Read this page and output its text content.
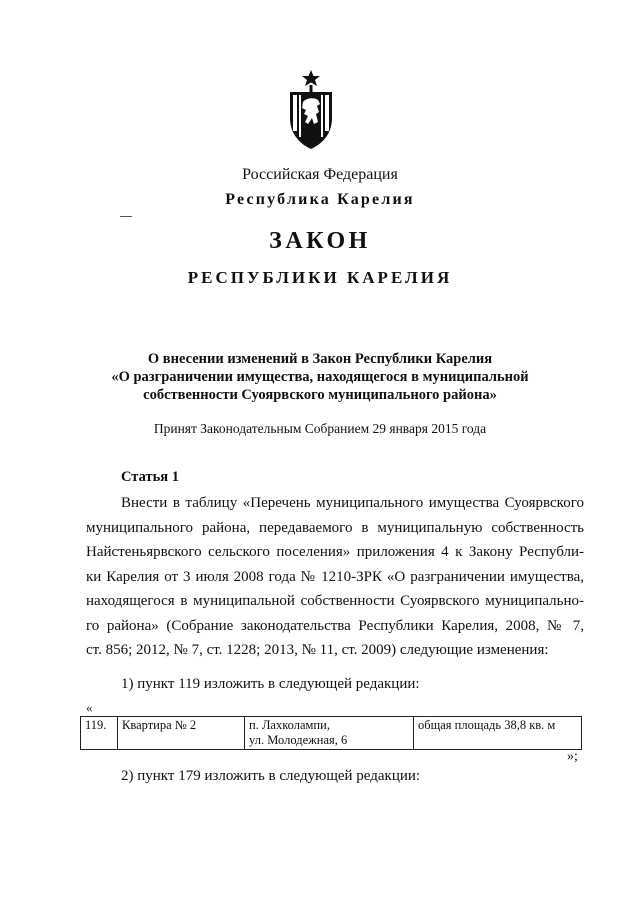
Российская Федерация
Республика Карелия
ЗАКОН
РЕСПУБЛИКИ КАРЕЛИЯ
О внесении изменений в Закон Республики Карелия
«О разграничении имущества, находящегося в муниципальной
собственности Суоярвского муниципального района»
Принят Законодательным Собранием 29 января 2015 года
Статья 1
Внести в таблицу «Перечень муниципального имущества Суоярвского
муниципального района, передаваемого в муниципальную собственность
Найстеньярвского сельского поселения» приложения 4 к Закону Республи-
ки Карелия от 3 июля 2008 года № 1210-ЗРК «О разграничении имущества,
находящегося в муниципальной собственности Суоярвского муниципально-
го района» (Собрание законодательства Республики Карелия, 2008, № 7,
ст. 856; 2012, № 7, ст. 1228; 2013, № 11, ст. 2009) следующие изменения:
1) пункт 119 изложить в следующей редакции:
«
119.	Квартира № 2	п. Лахколампи,
ул. Молодежная, 6
	общая площадь 38,8 кв. м
»;
2) пункт 179 изложить в следующей редакции:
